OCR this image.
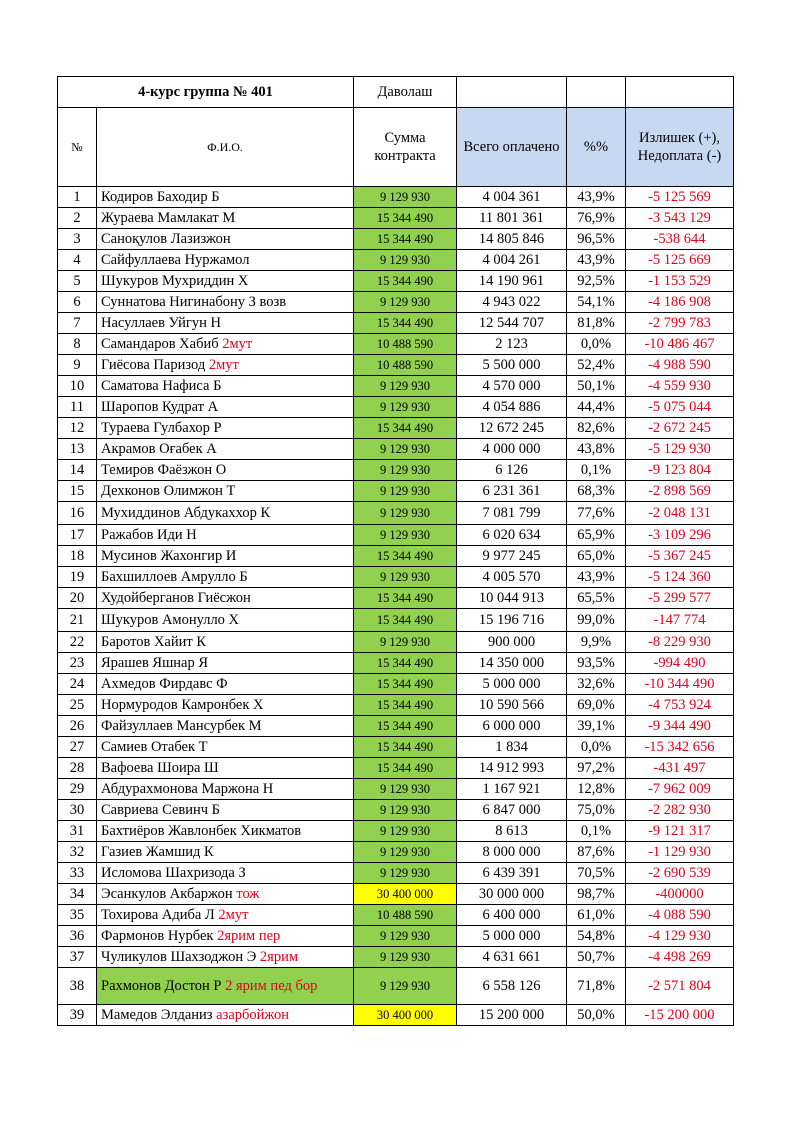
4-курс группа № 401		Даволаш			
№	Ф.И.О.	Сумма контракта	Всего оплачено	%%	Излишек (+), Недоплата (-)
1	Кодиров Баходир Б	9 129 930	4 004 361	43,9%	-5 125 569
2	Жураева Мамлакат М	15 344 490	11 801 361	76,9%	-3 543 129
3	Саноқулов Лазизжон	15 344 490	14 805 846	96,5%	-538 644
4	Сайфуллаева Нуржамол	9 129 930	4 004 261	43,9%	-5 125 669
5	Шукуров Мухриддин Х	15 344 490	14 190 961	92,5%	-1 153 529
6	Суннатова Нигинабону З возв	9 129 930	4 943 022	54,1%	-4 186 908
7	Насуллаев Уйгун Н	15 344 490	12 544 707	81,8%	-2 799 783
8	Самандаров Хабиб 2мут	10 488 590	2 123	0,0%	-10 486 467
9	Гиёсова Паризод 2мут	10 488 590	5 500 000	52,4%	-4 988 590
10	Саматова Нафиса Б	9 129 930	4 570 000	50,1%	-4 559 930
11	Шаропов Кудрат А	9 129 930	4 054 886	44,4%	-5 075 044
12	Тураева Гулбахор Р	15 344 490	12 672 245	82,6%	-2 672 245
13	Акрамов Оғабек А	9 129 930	4 000 000	43,8%	-5 129 930
14	Темиров Фаёзжон О	9 129 930	6 126	0,1%	-9 123 804
15	Дехконов Олимжон Т	9 129 930	6 231 361	68,3%	-2 898 569
16	Мухиддинов Абдукаххор К	9 129 930	7 081 799	77,6%	-2 048 131
17	Ражабов Иди Н	9 129 930	6 020 634	65,9%	-3 109 296
18	Мусинов Жахонгир И	15 344 490	9 977 245	65,0%	-5 367 245
19	Бахшиллоев Амрулло Б	9 129 930	4 005 570	43,9%	-5 124 360
20	Худойберганов Гиёсжон	15 344 490	10 044 913	65,5%	-5 299 577
21	Шукуров Амонулло Х	15 344 490	15 196 716	99,0%	-147 774
22	Баротов Хайит К	9 129 930	900 000	9,9%	-8 229 930
23	Ярашев Яшнар Я	15 344 490	14 350 000	93,5%	-994 490
24	Ахмедов Фирдавс Ф	15 344 490	5 000 000	32,6%	-10 344 490
25	Нормуродов Камронбек Х	15 344 490	10 590 566	69,0%	-4 753 924
26	Файзуллаев Мансурбек М	15 344 490	6 000 000	39,1%	-9 344 490
27	Самиев Отабек Т	15 344 490	1 834	0,0%	-15 342 656
28	Вафоева Шоира Ш	15 344 490	14 912 993	97,2%	-431 497
29	Абдурахмонова Маржона Н	9 129 930	1 167 921	12,8%	-7 962 009
30	Савриева Севинч Б	9 129 930	6 847 000	75,0%	-2 282 930
31	Бахтиёров Жавлонбек Хикматов	9 129 930	8 613	0,1%	-9 121 317
32	Газиев Жамшид К	9 129 930	8 000 000	87,6%	-1 129 930
33	Исломова Шахризода З	9 129 930	6 439 391	70,5%	-2 690 539
34	Эсанкулов Акбаржон тож	30 400 000	30 000 000	98,7%	-400000
35	Тохирова Адиба Л 2мут	10 488 590	6 400 000	61,0%	-4 088 590
36	Фармонов Нурбек 2ярим пер	9 129 930	5 000 000	54,8%	-4 129 930
37	Чуликулов Шахзоджон Э 2ярим	9 129 930	4 631 661	50,7%	-4 498 269
38	Рахмонов Достон Р 2 ярим пед бор	9 129 930	6 558 126	71,8%	-2 571 804
39	Мамедов Элданиз азарбойжон	30 400 000	15 200 000	50,0%	-15 200 000
